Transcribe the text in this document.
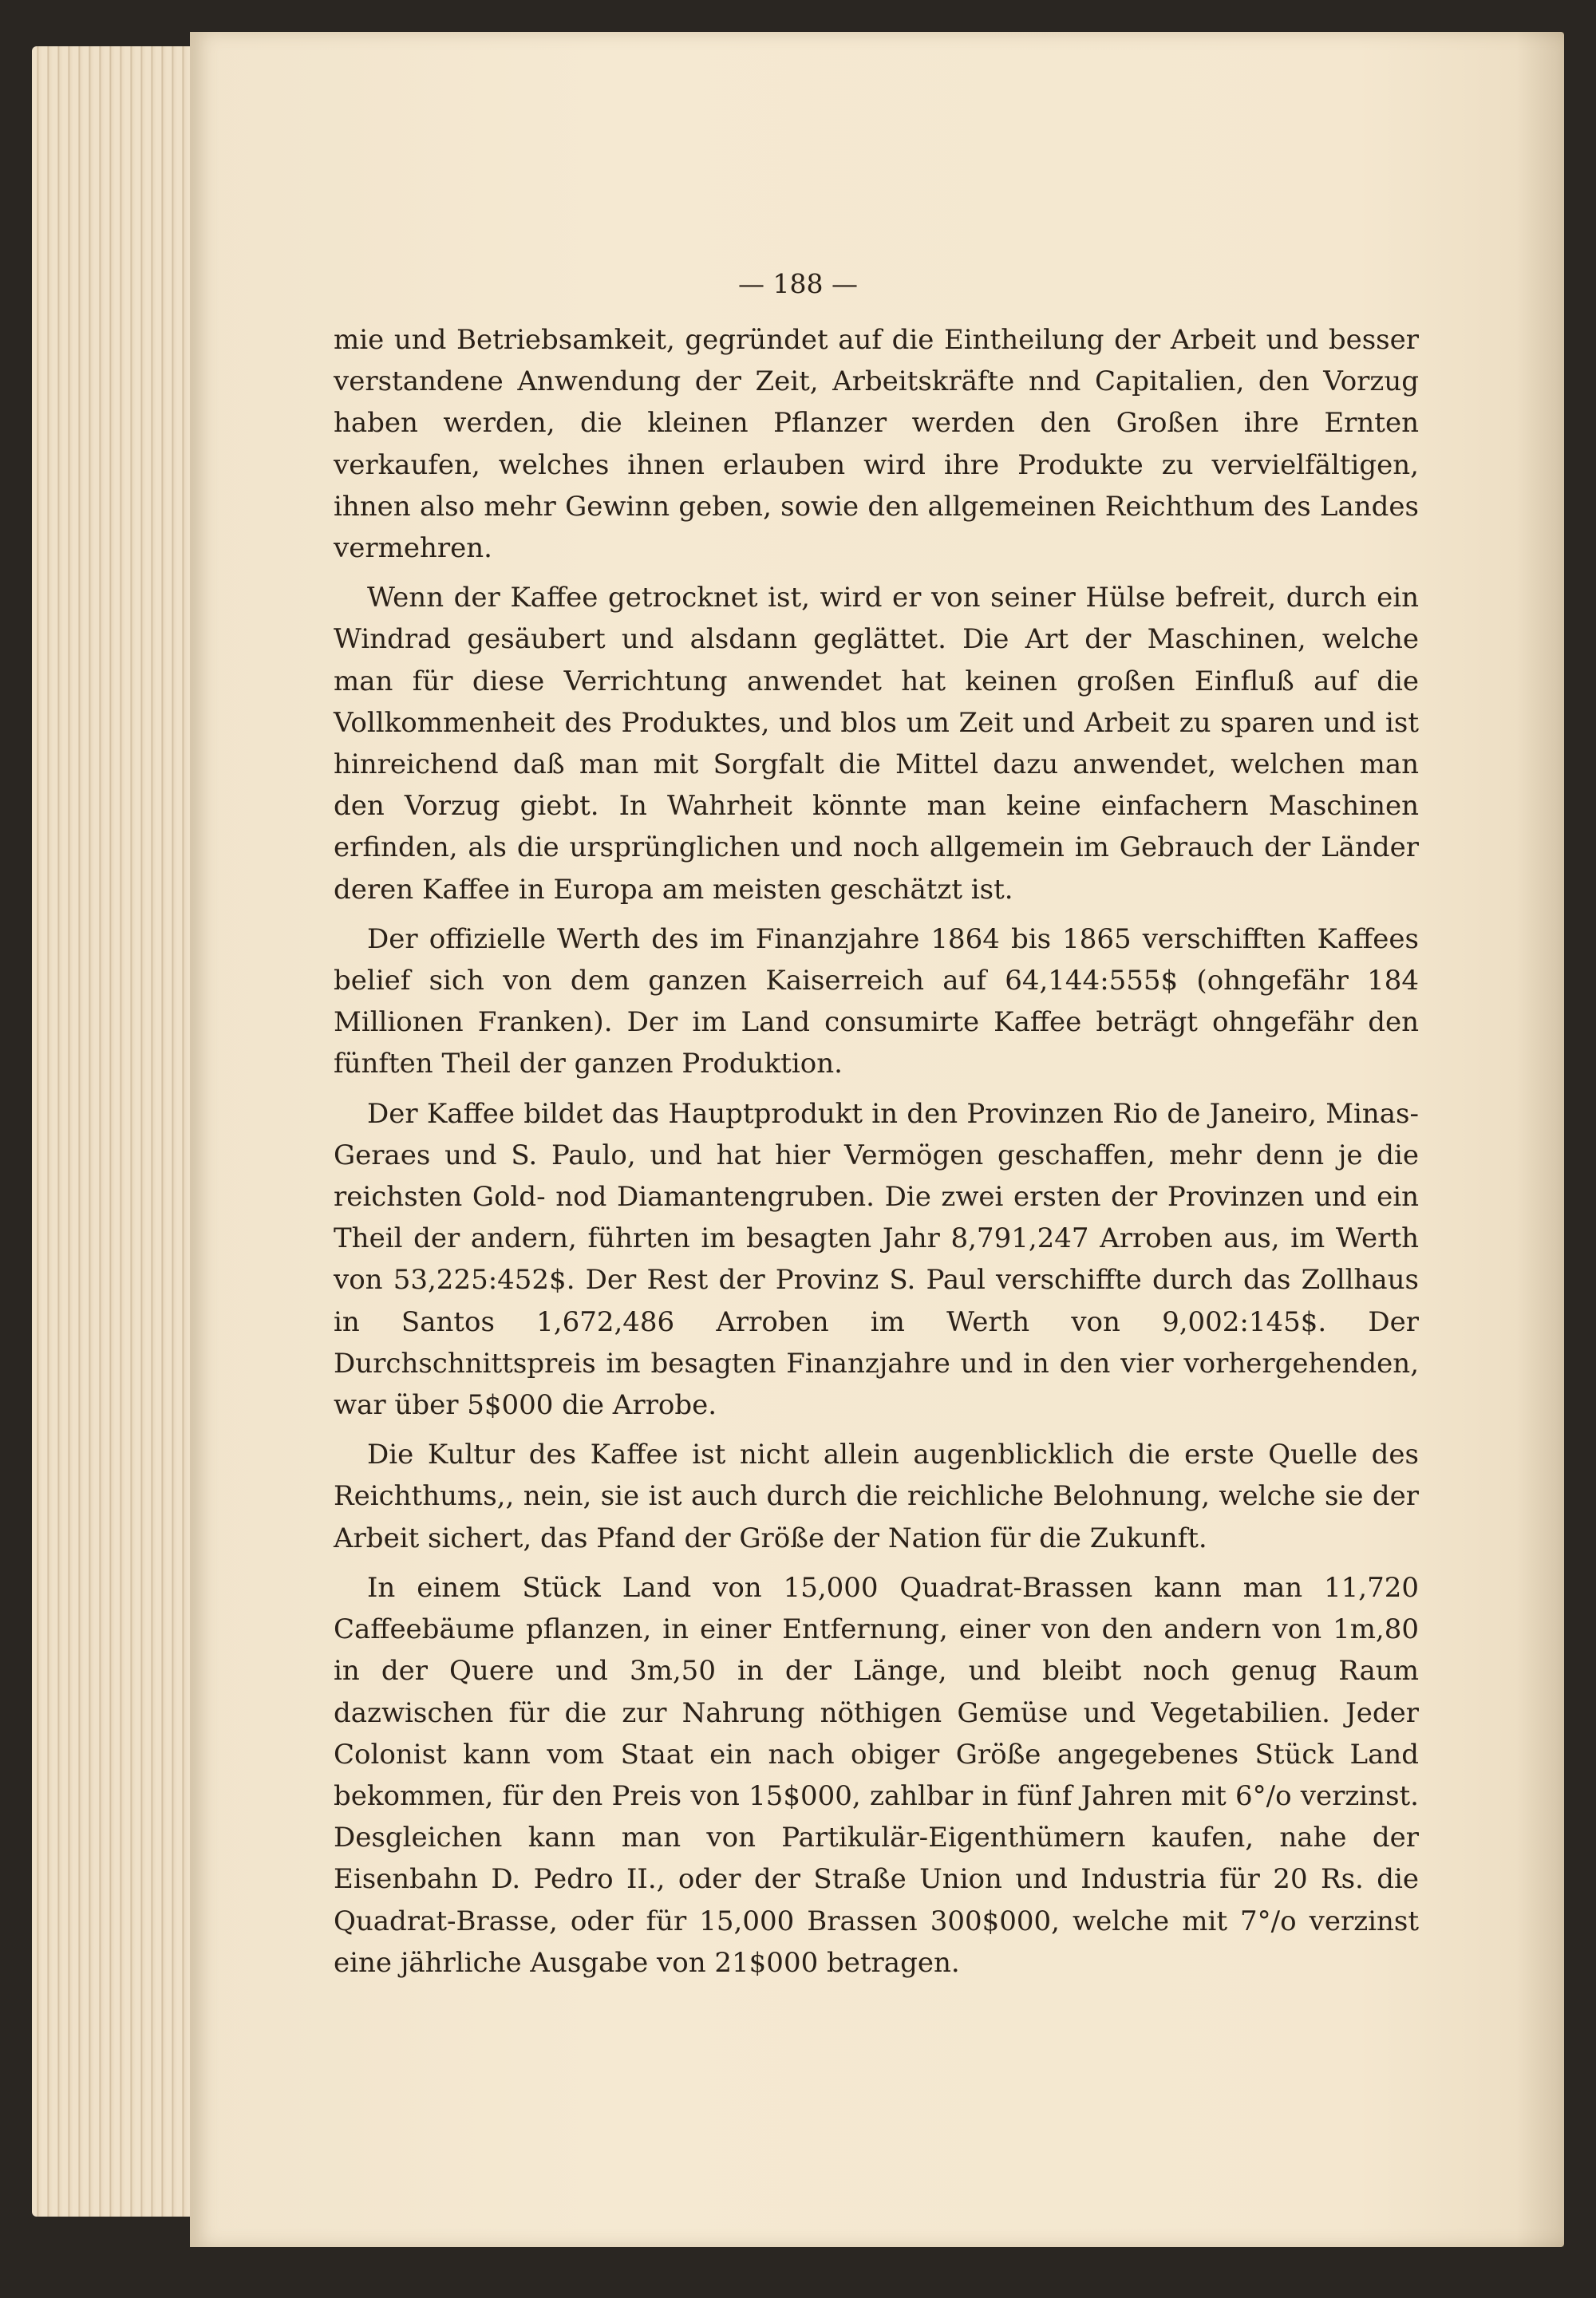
— 188 —

mie und Betriebsamkeit, gegründet auf die Eintheilung der Arbeit und besser verstandene Anwendung der Zeit, Arbeitskräfte nnd Capitalien, den Vorzug haben werden, die kleinen Pflanzer werden den Großen ihre Ernten verkaufen, welches ihnen erlauben wird ihre Produkte zu vervielfältigen, ihnen also mehr Gewinn geben, sowie den allgemeinen Reichthum des Landes vermehren.

Wenn der Kaffee getrocknet ist, wird er von seiner Hülse befreit, durch ein Windrad gesäubert und alsdann geglättet. Die Art der Maschinen, welche man für diese Verrichtung anwendet hat keinen großen Einfluß auf die Vollkommenheit des Produktes, und blos um Zeit und Arbeit zu sparen und ist hinreichend daß man mit Sorgfalt die Mittel dazu anwendet, welchen man den Vorzug giebt. In Wahrheit könnte man keine einfachern Maschinen erfinden, als die ursprünglichen und noch allgemein im Gebrauch der Länder deren Kaffee in Europa am meisten geschätzt ist.

Der offizielle Werth des im Finanzjahre 1864 bis 1865 verschifften Kaffees belief sich von dem ganzen Kaiserreich auf 64,144:555$ (ohngefähr 184 Millionen Franken). Der im Land consumirte Kaffee beträgt ohngefähr den fünften Theil der ganzen Produktion.

Der Kaffee bildet das Hauptprodukt in den Provinzen Rio de Janeiro, Minas-Geraes und S. Paulo, und hat hier Vermögen geschaffen, mehr denn je die reichsten Gold- nod Diamantengruben. Die zwei ersten der Provinzen und ein Theil der andern, führten im besagten Jahr 8,791,247 Arroben aus, im Werth von 53,225:452$. Der Rest der Provinz S. Paul verschiffte durch das Zollhaus in Santos 1,672,486 Arroben im Werth von 9,002:145$. Der Durchschnittspreis im besagten Finanzjahre und in den vier vorhergehenden, war über 5$000 die Arrobe.

Die Kultur des Kaffee ist nicht allein augenblicklich die erste Quelle des Reichthums,, nein, sie ist auch durch die reichliche Belohnung, welche sie der Arbeit sichert, das Pfand der Größe der Nation für die Zukunft.

In einem Stück Land von 15,000 Quadrat-Brassen kann man 11,720 Caffeebäume pflanzen, in einer Entfernung, einer von den andern von 1m,80 in der Quere und 3m,50 in der Länge, und bleibt noch genug Raum dazwischen für die zur Nahrung nöthigen Gemüse und Vegetabilien. Jeder Colonist kann vom Staat ein nach obiger Größe angegebenes Stück Land bekommen, für den Preis von 15$000, zahlbar in fünf Jahren mit 6°/o verzinst. Desgleichen kann man von Partikulär-Eigenthümern kaufen, nahe der Eisenbahn D. Pedro II., oder der Straße Union und Industria für 20 Rs. die Quadrat-Brasse, oder für 15,000 Brassen 300$000, welche mit 7°/o verzinst eine jährliche Ausgabe von 21$000 betragen.
